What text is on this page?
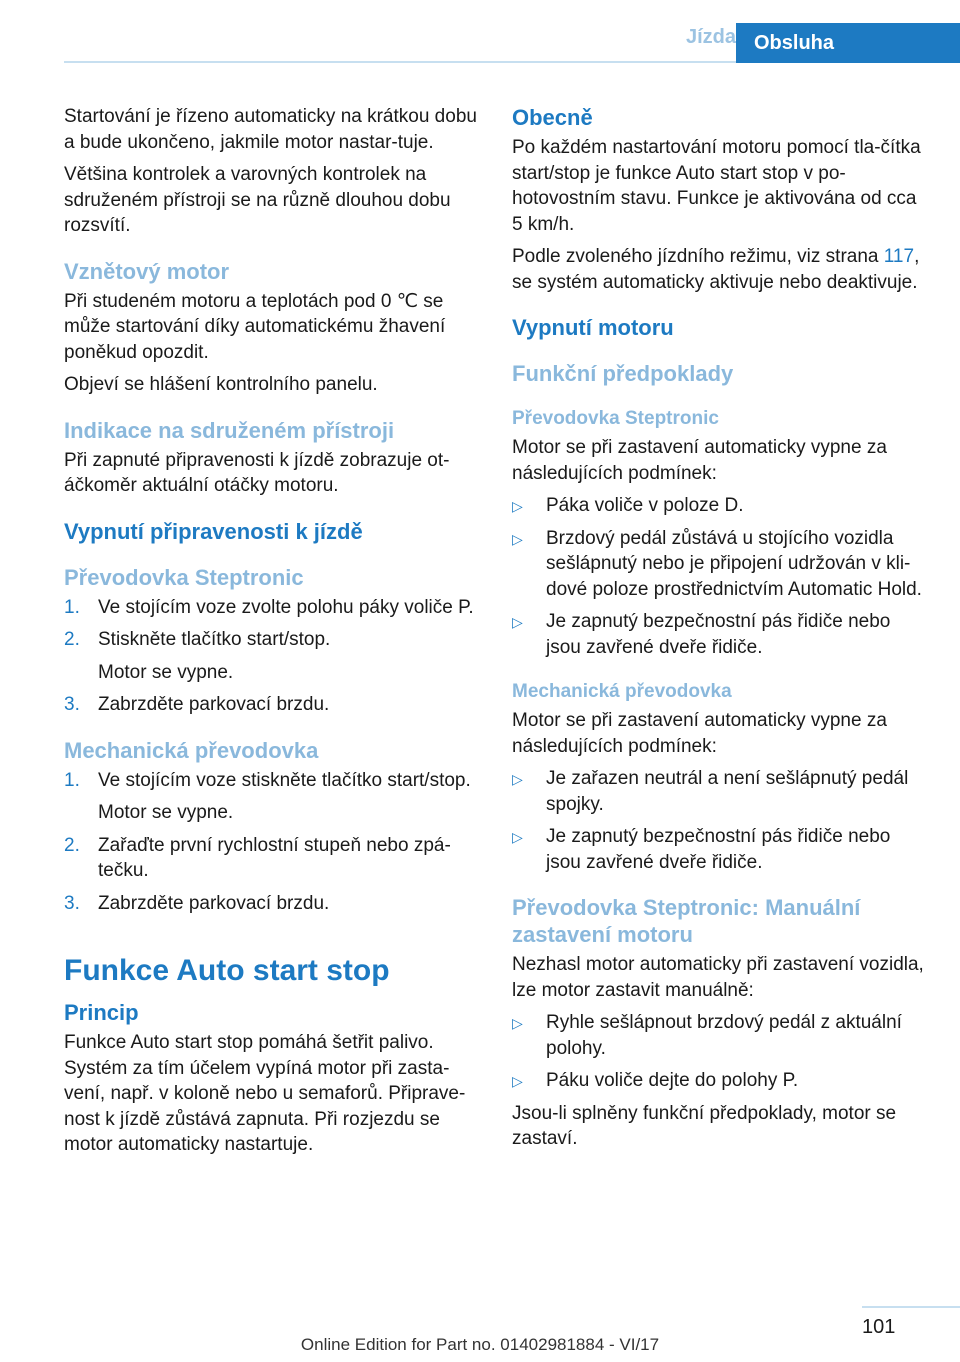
Jízda Obsluha

Startování je řízeno automaticky na krátkou dobu a bude ukončeno, jakmile motor nastar‐tuje.

Většina kontrolek a varovných kontrolek na sdruženém přístroji se na různě dlouhou dobu rozsvítí.

Vznětový motor

Při studeném motoru a teplotách pod 0 ℃ se může startování díky automatickému žhavení poněkud opozdit.

Objeví se hlášení kontrolního panelu.

Indikace na sdruženém přístroji

Při zapnuté připravenosti k jízdě zobrazuje ot‐áčkoměr aktuální otáčky motoru.

Vypnutí připravenosti k jízdě
Převodovka Steptronic
1. Ve stojícím voze zvolte polohu páky voliče P.
2. Stiskněte tlačítko start/stop.
Motor se vypne.
3. Zabrzděte parkovací brzdu.
Mechanická převodovka
1. Ve stojícím voze stiskněte tlačítko start/stop.
Motor se vypne.
2. Zařaďte první rychlostní stupeň nebo zpá‐tečku.
3. Zabrzděte parkovací brzdu.
Funkce Auto start stop
Princip

Funkce Auto start stop pomáhá šetřit palivo. Systém za tím účelem vypíná motor při zasta‐vení, např. v koloně nebo u semaforů. Připrave‐nost k jízdě zůstává zapnuta. Při rozjezdu se motor automaticky nastartuje.

Obecně

Po každém nastartování motoru pomocí tla‐čítka start/stop je funkce Auto start stop v po‐hotovostním stavu. Funkce je aktivována od cca 5 km/h.

Podle zvoleného jízdního režimu, viz strana 117, se systém automaticky aktivuje nebo deaktivuje.

Vypnutí motoru
Funkční předpoklady
Převodovka Steptronic

Motor se při zastavení automaticky vypne za následujících podmínek:

▷ Páka voliče v poloze D.
▷ Brzdový pedál zůstává u stojícího vozidla sešlápnutý nebo je připojení udržován v kli‐dové poloze prostřednictvím Automatic Hold.
▷ Je zapnutý bezpečnostní pás řidiče nebo jsou zavřené dveře řidiče.
Mechanická převodovka

Motor se při zastavení automaticky vypne za následujících podmínek:

▷ Je zařazen neutrál a není sešlápnutý pedál spojky.
▷ Je zapnutý bezpečnostní pás řidiče nebo jsou zavřené dveře řidiče.
Převodovka Steptronic: Manuální zastavení motoru

Nezhasl motor automaticky při zastavení vozidla, lze motor zastavit manuálně:

▷ Ryhle sešlápnout brzdový pedál z aktuální polohy.
▷ Páku voliče dejte do polohy P.

Jsou-li splněny funkční předpoklady, motor se zastaví.

101
Online Edition for Part no. 01402981884 - VI/17
